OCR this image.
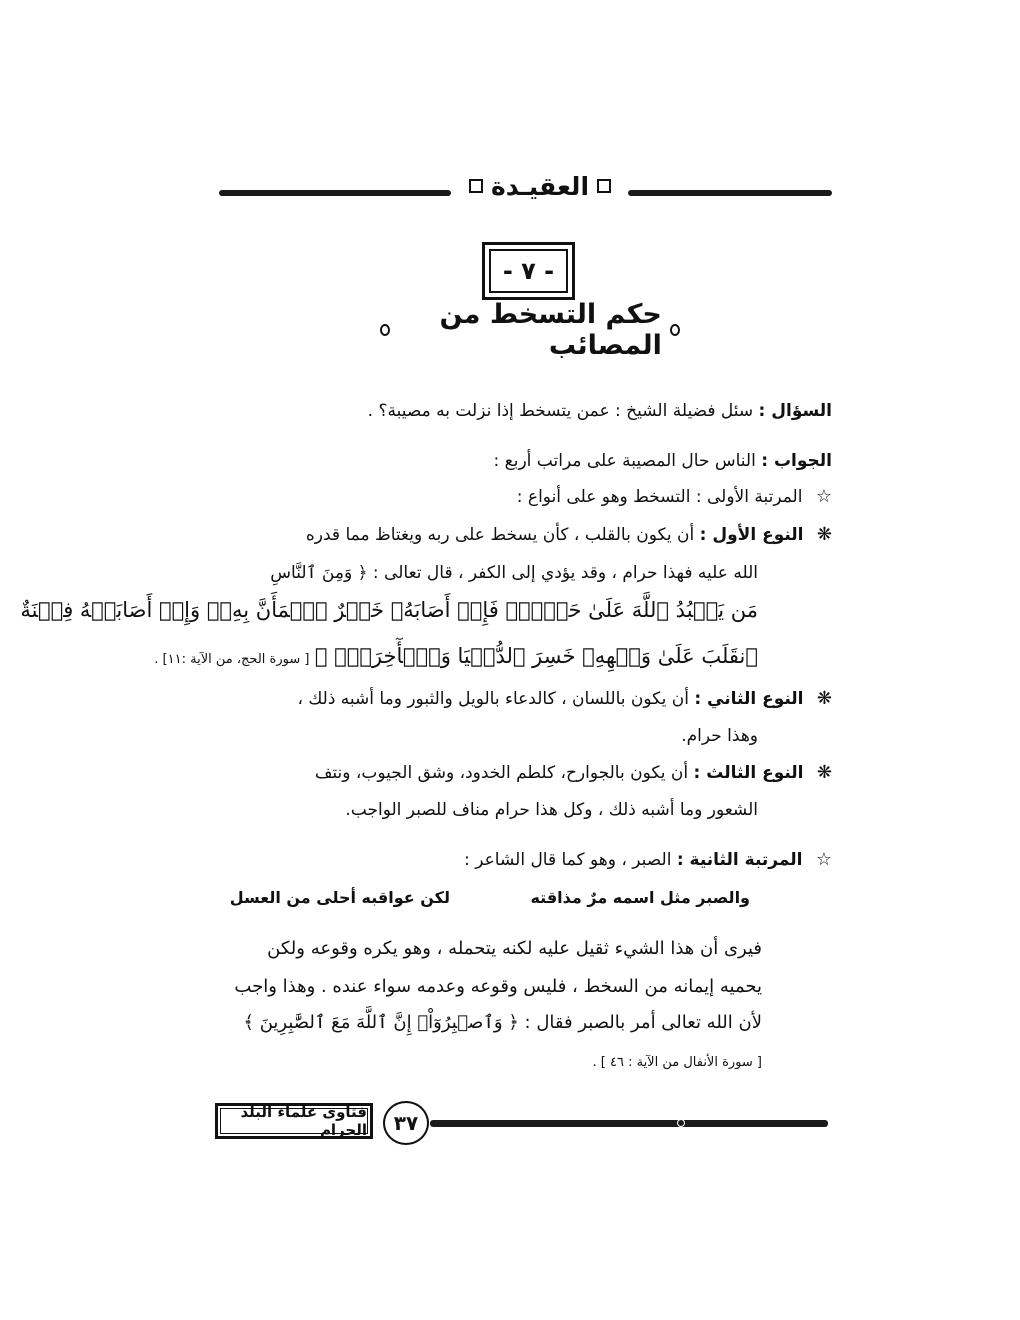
العقيـدة
- ٧ -
حكم التسخط من المصائب
السؤال : سئل فضيلة الشيخ : عمن يتسخط إذا نزلت به مصيبة؟ .
الجواب : الناس حال المصيبة على مراتب أربع :
☆ المرتبة الأولى : التسخط وهو على أنواع :
❋ النوع الأول : أن يكون بالقلب ، كأن يسخط على ربه ويغتاظ مما قدره
الله عليه فهذا حرام ، وقد يؤدي إلى الكفر ، قال تعالى : ﴿ وَمِنَ ٱلنَّاسِ
مَن يَعۡبُدُ ٱللَّهَ عَلَىٰ حَرۡفٖۖ فَإِنۡ أَصَابَهُۥ خَيۡرٌ ٱطۡمَأَنَّ بِهِۦۖ وَإِنۡ أَصَابَتۡهُ فِتۡنَةٌ
ٱنقَلَبَ عَلَىٰ وَجۡهِهِۦ خَسِرَ ٱلدُّنۡيَا وَٱلۡأٓخِرَةَۚ ﴾ [ سورة الحج، من الآية :١١] .
❋ النوع الثاني : أن يكون باللسان ، كالدعاء بالويل والثبور وما أشبه ذلك ،
وهذا حرام.
❋ النوع الثالث : أن يكون بالجوارح، كلطم الخدود، وشق الجيوب، ونتف
الشعور وما أشبه ذلك ، وكل هذا حرام مناف للصبر الواجب.
☆ المرتبة الثانية : الصبر ، وهو كما قال الشاعر :
والصبر مثل اسمه مرٌ مذاقته
لكن عواقبه أحلى من العسل
فيرى أن هذا الشيء ثقيل عليه لكنه يتحمله ، وهو يكره وقوعه ولكن
يحميه إيمانه من السخط ، فليس وقوعه وعدمه سواء عنده . وهذا واجب
لأن الله تعالى أمر بالصبر فقال : ﴿ وَٱصۡبِرُوٓاْۚ إِنَّ ٱللَّهَ مَعَ ٱلصَّٰبِرِينَ ﴾
[ سورة الأنفال من الآية : ٤٦ ] .
٣٧
فتاوى علماء البلد الحرام
